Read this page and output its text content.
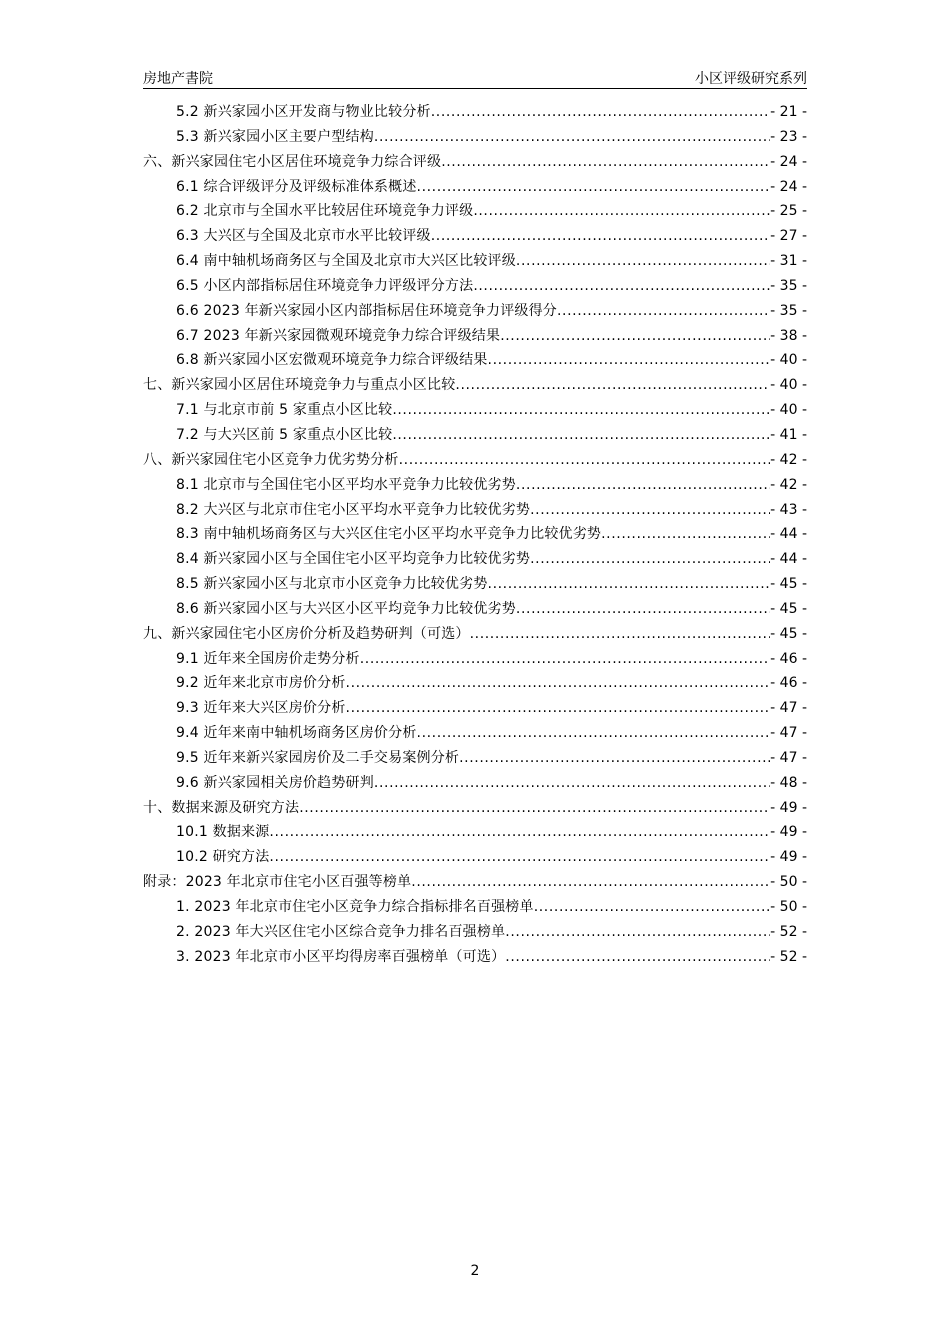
房地产書院	小区评级研究系列
5.2 新兴家园小区开发商与物业比较分析 .....	- 21 -
5.3 新兴家园小区主要户型结构 .....	- 23 -
六、新兴家园住宅小区居住环境竞争力综合评级 .....	- 24 -
6.1 综合评级评分及评级标准体系概述 .....	- 24 -
6.2 北京市与全国水平比较居住环境竞争力评级 .....	- 25 -
6.3 大兴区与全国及北京市水平比较评级 .....	- 27 -
6.4 南中轴机场商务区与全国及北京市大兴区比较评级 .....	- 31 -
6.5 小区内部指标居住环境竞争力评级评分方法 .....	- 35 -
6.6 2023 年新兴家园小区内部指标居住环境竞争力评级得分 .....	- 35 -
6.7 2023 年新兴家园微观环境竞争力综合评级结果 .....	- 38 -
6.8 新兴家园小区宏微观环境竞争力综合评级结果 .....	- 40 -
七、新兴家园小区居住环境竞争力与重点小区比较 .....	- 40 -
7.1 与北京市前 5 家重点小区比较 .....	- 40 -
7.2 与大兴区前 5 家重点小区比较 .....	- 41 -
八、新兴家园住宅小区竞争力优劣势分析 .....	- 42 -
8.1 北京市与全国住宅小区平均水平竞争力比较优劣势 .....	- 42 -
8.2 大兴区与北京市住宅小区平均水平竞争力比较优劣势 .....	- 43 -
8.3 南中轴机场商务区与大兴区住宅小区平均水平竞争力比较优劣势 .....	- 44 -
8.4 新兴家园小区与全国住宅小区平均竞争力比较优劣势 .....	- 44 -
8.5 新兴家园小区与北京市小区竞争力比较优劣势 .....	- 45 -
8.6 新兴家园小区与大兴区小区平均竞争力比较优劣势 .....	- 45 -
九、新兴家园住宅小区房价分析及趋势研判（可选） .....	- 45 -
9.1 近年来全国房价走势分析 .....	- 46 -
9.2 近年来北京市房价分析 .....	- 46 -
9.3 近年来大兴区房价分析 .....	- 47 -
9.4 近年来南中轴机场商务区房价分析 .....	- 47 -
9.5 近年来新兴家园房价及二手交易案例分析 .....	- 47 -
9.6 新兴家园相关房价趋势研判 .....	- 48 -
十、数据来源及研究方法 .....	- 49 -
10.1 数据来源 .....	- 49 -
10.2 研究方法 .....	- 49 -
附录：2023 年北京市住宅小区百强等榜单 .....	- 50 -
1. 2023 年北京市住宅小区竞争力综合指标排名百强榜单 .....	- 50 -
2. 2023 年大兴区住宅小区综合竞争力排名百强榜单 .....	- 52 -
3. 2023 年北京市小区平均得房率百强榜单（可选） .....	- 52 -
2
